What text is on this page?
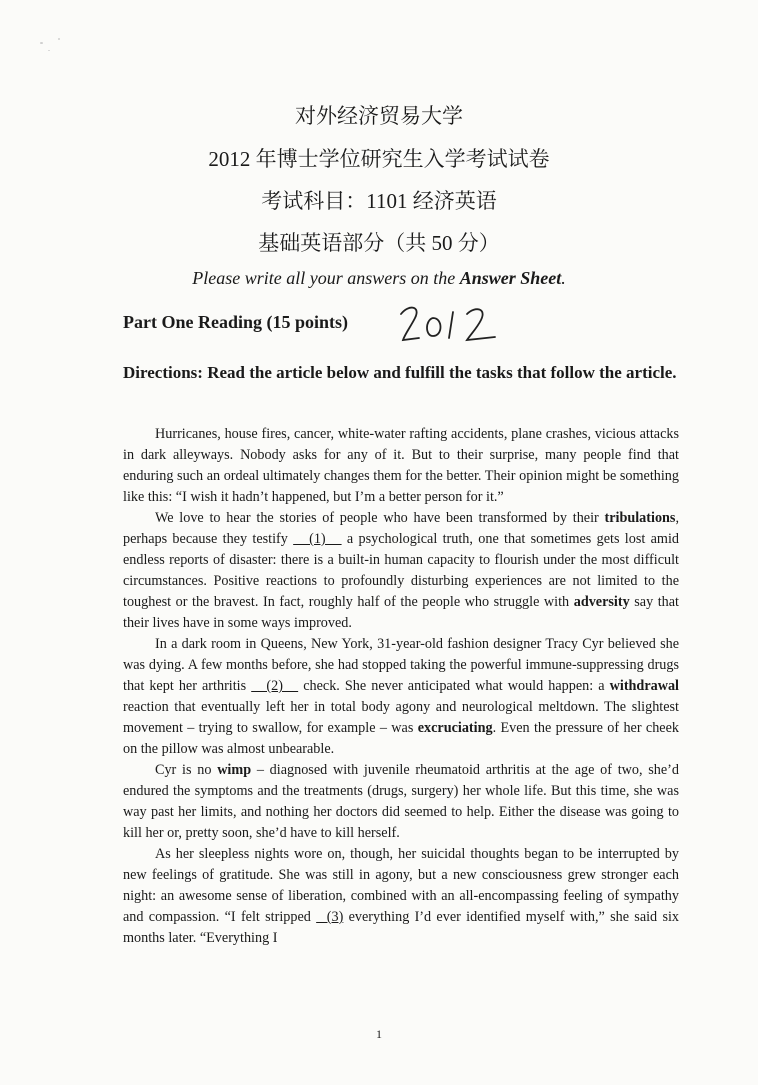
对外经济贸易大学
2012 年博士学位研究生入学考试试卷
考试科目：1101 经济英语
基础英语部分（共 50 分）
Please write all your answers on the Answer Sheet.
Part One Reading (15 points)
Directions: Read the article below and fulfill the tasks that follow the article.

Hurricanes, house fires, cancer, white-water rafting accidents, plane crashes, vicious attacks in dark alleyways. Nobody asks for any of it. But to their surprise, many people find that enduring such an ordeal ultimately changes them for the better. Their opinion might be something like this: “I wish it hadn’t happened, but I’m a better person for it.”

We love to hear the stories of people who have been transformed by their tribulations, perhaps because they testify    (1)    a psychological truth, one that sometimes gets lost amid endless reports of disaster: there is a built-in human capacity to flourish under the most difficult circumstances. Positive reactions to profoundly disturbing experiences are not limited to the toughest or the bravest. In fact, roughly half of the people who struggle with adversity say that their lives have in some ways improved.

In a dark room in Queens, New York, 31-year-old fashion designer Tracy Cyr believed she was dying. A few months before, she had stopped taking the powerful immune-suppressing drugs that kept her arthritis    (2)    check. She never anticipated what would happen: a withdrawal reaction that eventually left her in total body agony and neurological meltdown. The slightest movement – trying to swallow, for example – was excruciating. Even the pressure of her cheek on the pillow was almost unbearable.

Cyr is no wimp – diagnosed with juvenile rheumatoid arthritis at the age of two, she’d endured the symptoms and the treatments (drugs, surgery) her whole life. But this time, she was way past her limits, and nothing her doctors did seemed to help. Either the disease was going to kill her or, pretty soon, she’d have to kill herself.

As her sleepless nights wore on, though, her suicidal thoughts began to be interrupted by new feelings of gratitude. She was still in agony, but a new consciousness grew stronger each night: an awesome sense of liberation, combined with an all-encompassing feeling of sympathy and compassion. “I felt stripped   (3) everything I’d ever identified myself with,” she said six months later. “Everything I

1
